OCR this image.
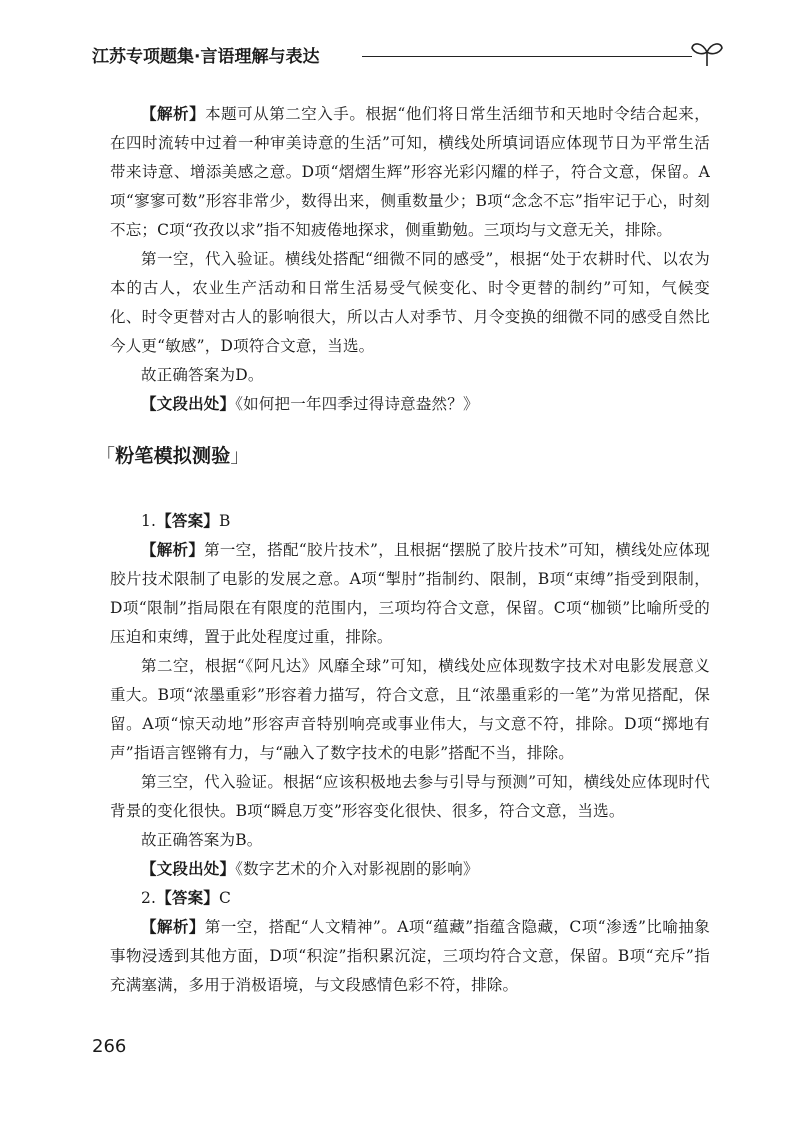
江苏专项题集·言语理解与表达

【解析】本题可从第二空入手。根据“他们将日常生活细节和天地时令结合起来，在四时流转中过着一种审美诗意的生活”可知，横线处所填词语应体现节日为平常生活带来诗意、增添美感之意。D项“熠熠生辉”形容光彩闪耀的样子，符合文意，保留。A项“寥寥可数”形容非常少，数得出来，侧重数量少；B项“念念不忘”指牢记于心，时刻不忘；C项“孜孜以求”指不知疲倦地探求，侧重勤勉。三项均与文意无关，排除。

第一空，代入验证。横线处搭配“细微不同的感受”，根据“处于农耕时代、以农为本的古人，农业生产活动和日常生活易受气候变化、时令更替的制约”可知，气候变化、时令更替对古人的影响很大，所以古人对季节、月令变换的细微不同的感受自然比今人更“敏感”，D项符合文意，当选。

故正确答案为D。

【文段出处】《如何把一年四季过得诗意盎然？》

「粉笔模拟测验」

1.【答案】B

【解析】第一空，搭配“胶片技术”，且根据“摆脱了胶片技术”可知，横线处应体现胶片技术限制了电影的发展之意。A项“掣肘”指制约、限制，B项“束缚”指受到限制，D项“限制”指局限在有限度的范围内，三项均符合文意，保留。C项“枷锁”比喻所受的压迫和束缚，置于此处程度过重，排除。

第二空，根据“《阿凡达》风靡全球”可知，横线处应体现数字技术对电影发展意义重大。B项“浓墨重彩”形容着力描写，符合文意，且“浓墨重彩的一笔”为常见搭配，保留。A项“惊天动地”形容声音特别响亮或事业伟大，与文意不符，排除。D项“掷地有声”指语言铿锵有力，与“融入了数字技术的电影”搭配不当，排除。

第三空，代入验证。根据“应该积极地去参与引导与预测”可知，横线处应体现时代背景的变化很快。B项“瞬息万变”形容变化很快、很多，符合文意，当选。

故正确答案为B。

【文段出处】《数字艺术的介入对影视剧的影响》

2.【答案】C

【解析】第一空，搭配“人文精神”。A项“蕴藏”指蕴含隐藏，C项“渗透”比喻抽象事物浸透到其他方面，D项“积淀”指积累沉淀，三项均符合文意，保留。B项“充斥”指充满塞满，多用于消极语境，与文段感情色彩不符，排除。

266
